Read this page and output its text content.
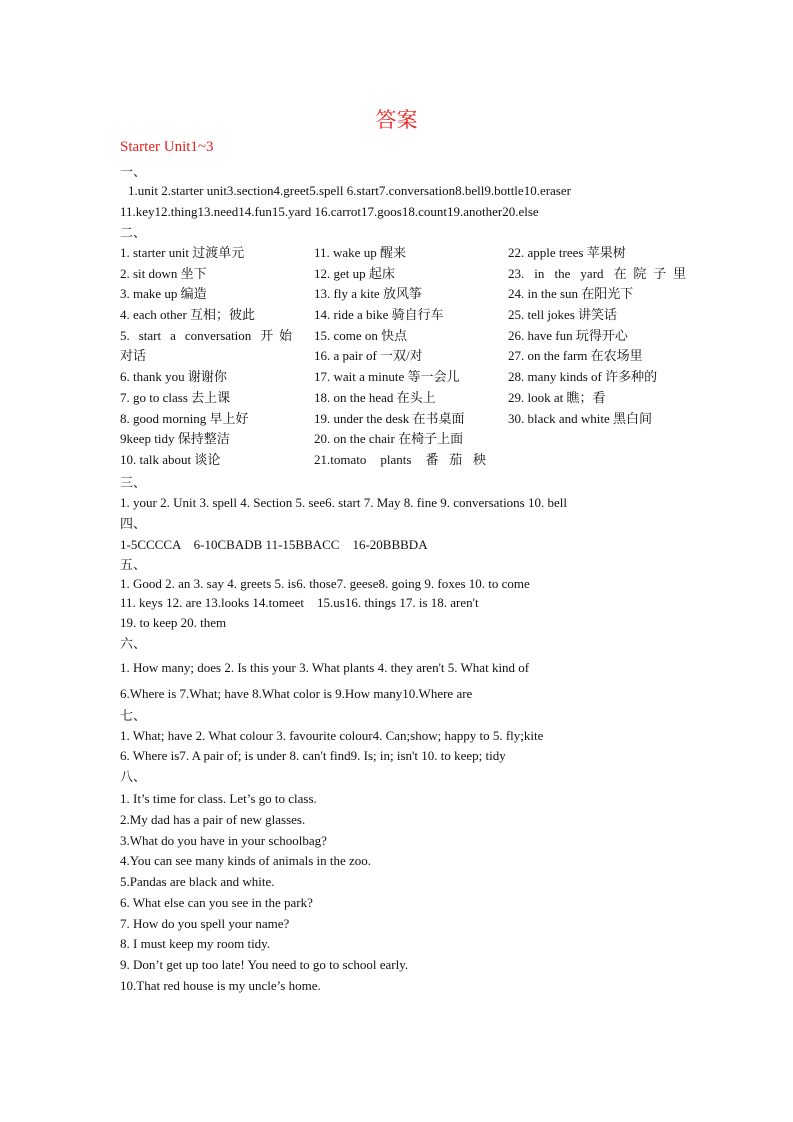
答案
Starter Unit1~3
一、
1.unit 2.starter unit3.section4.greet5.spell 6.start7.conversation8.bell9.bottle10.eraser
11.key12.thing13.need14.fun15.yard 16.carrot17.goos18.count19.another20.else
二、
1. starter unit 过渡单元
2. sit down 坐下
3. make up 编造
4. each other 互相；彼此
5. start a conversation 开始
对话
6. thank you 谢谢你
7. go to class 去上课
8. good morning 早上好
9keep tidy 保持整洁
10. talk about 谈论
11. wake up 醒来
12. get up 起床
13. fly a kite 放风筝
14. ride a bike 骑自行车
15. come on 快点
16. a pair of 一双/对
17. wait a minute 等一会儿
18. on the head 在头上
19. under the desk 在书桌面
20. on the chair 在椅子上面
21.tomato plants 番茄秧
22. apple trees 苹果树
23. in the yard 在院子里
24. in the sun 在阳光下
25. tell jokes 讲笑话
26. have fun 玩得开心
27. on the farm 在农场里
28. many kinds of 许多种的
29. look at 瞧；看
30. black and white 黑白间
三、
1. your 2. Unit 3. spell 4. Section 5. see6. start 7. May 8. fine 9. conversations 10. bell
四、
1-5CCCCA    6-10CBADB 11-15BBACC    16-20BBBDA
五、
1. Good 2. an 3. say 4. greets 5. is6. those7. geese8. going 9. foxes 10. to come
11. keys 12. are 13.looks 14.tomeet    15.us16. things 17. is 18. aren't
19. to keep 20. them
六、
1. How many; does 2. Is this your 3. What plants 4. they aren't 5. What kind of
6.Where is 7.What; have 8.What color is 9.How many10.Where are
七、
1. What; have 2. What colour 3. favourite colour4. Can;show; happy to 5. fly;kite
6. Where is7. A pair of; is under 8. can't find9. Is; in; isn't 10. to keep; tidy
八、
1. It’s time for class. Let’s go to class.
2.My dad has a pair of new glasses.
3.What do you have in your schoolbag?
4.You can see many kinds of animals in the zoo.
5.Pandas are black and white.
6. What else can you see in the park?
7. How do you spell your name?
8. I must keep my room tidy.
9. Don’t get up too late! You need to go to school early.
10.That red house is my uncle’s home.
